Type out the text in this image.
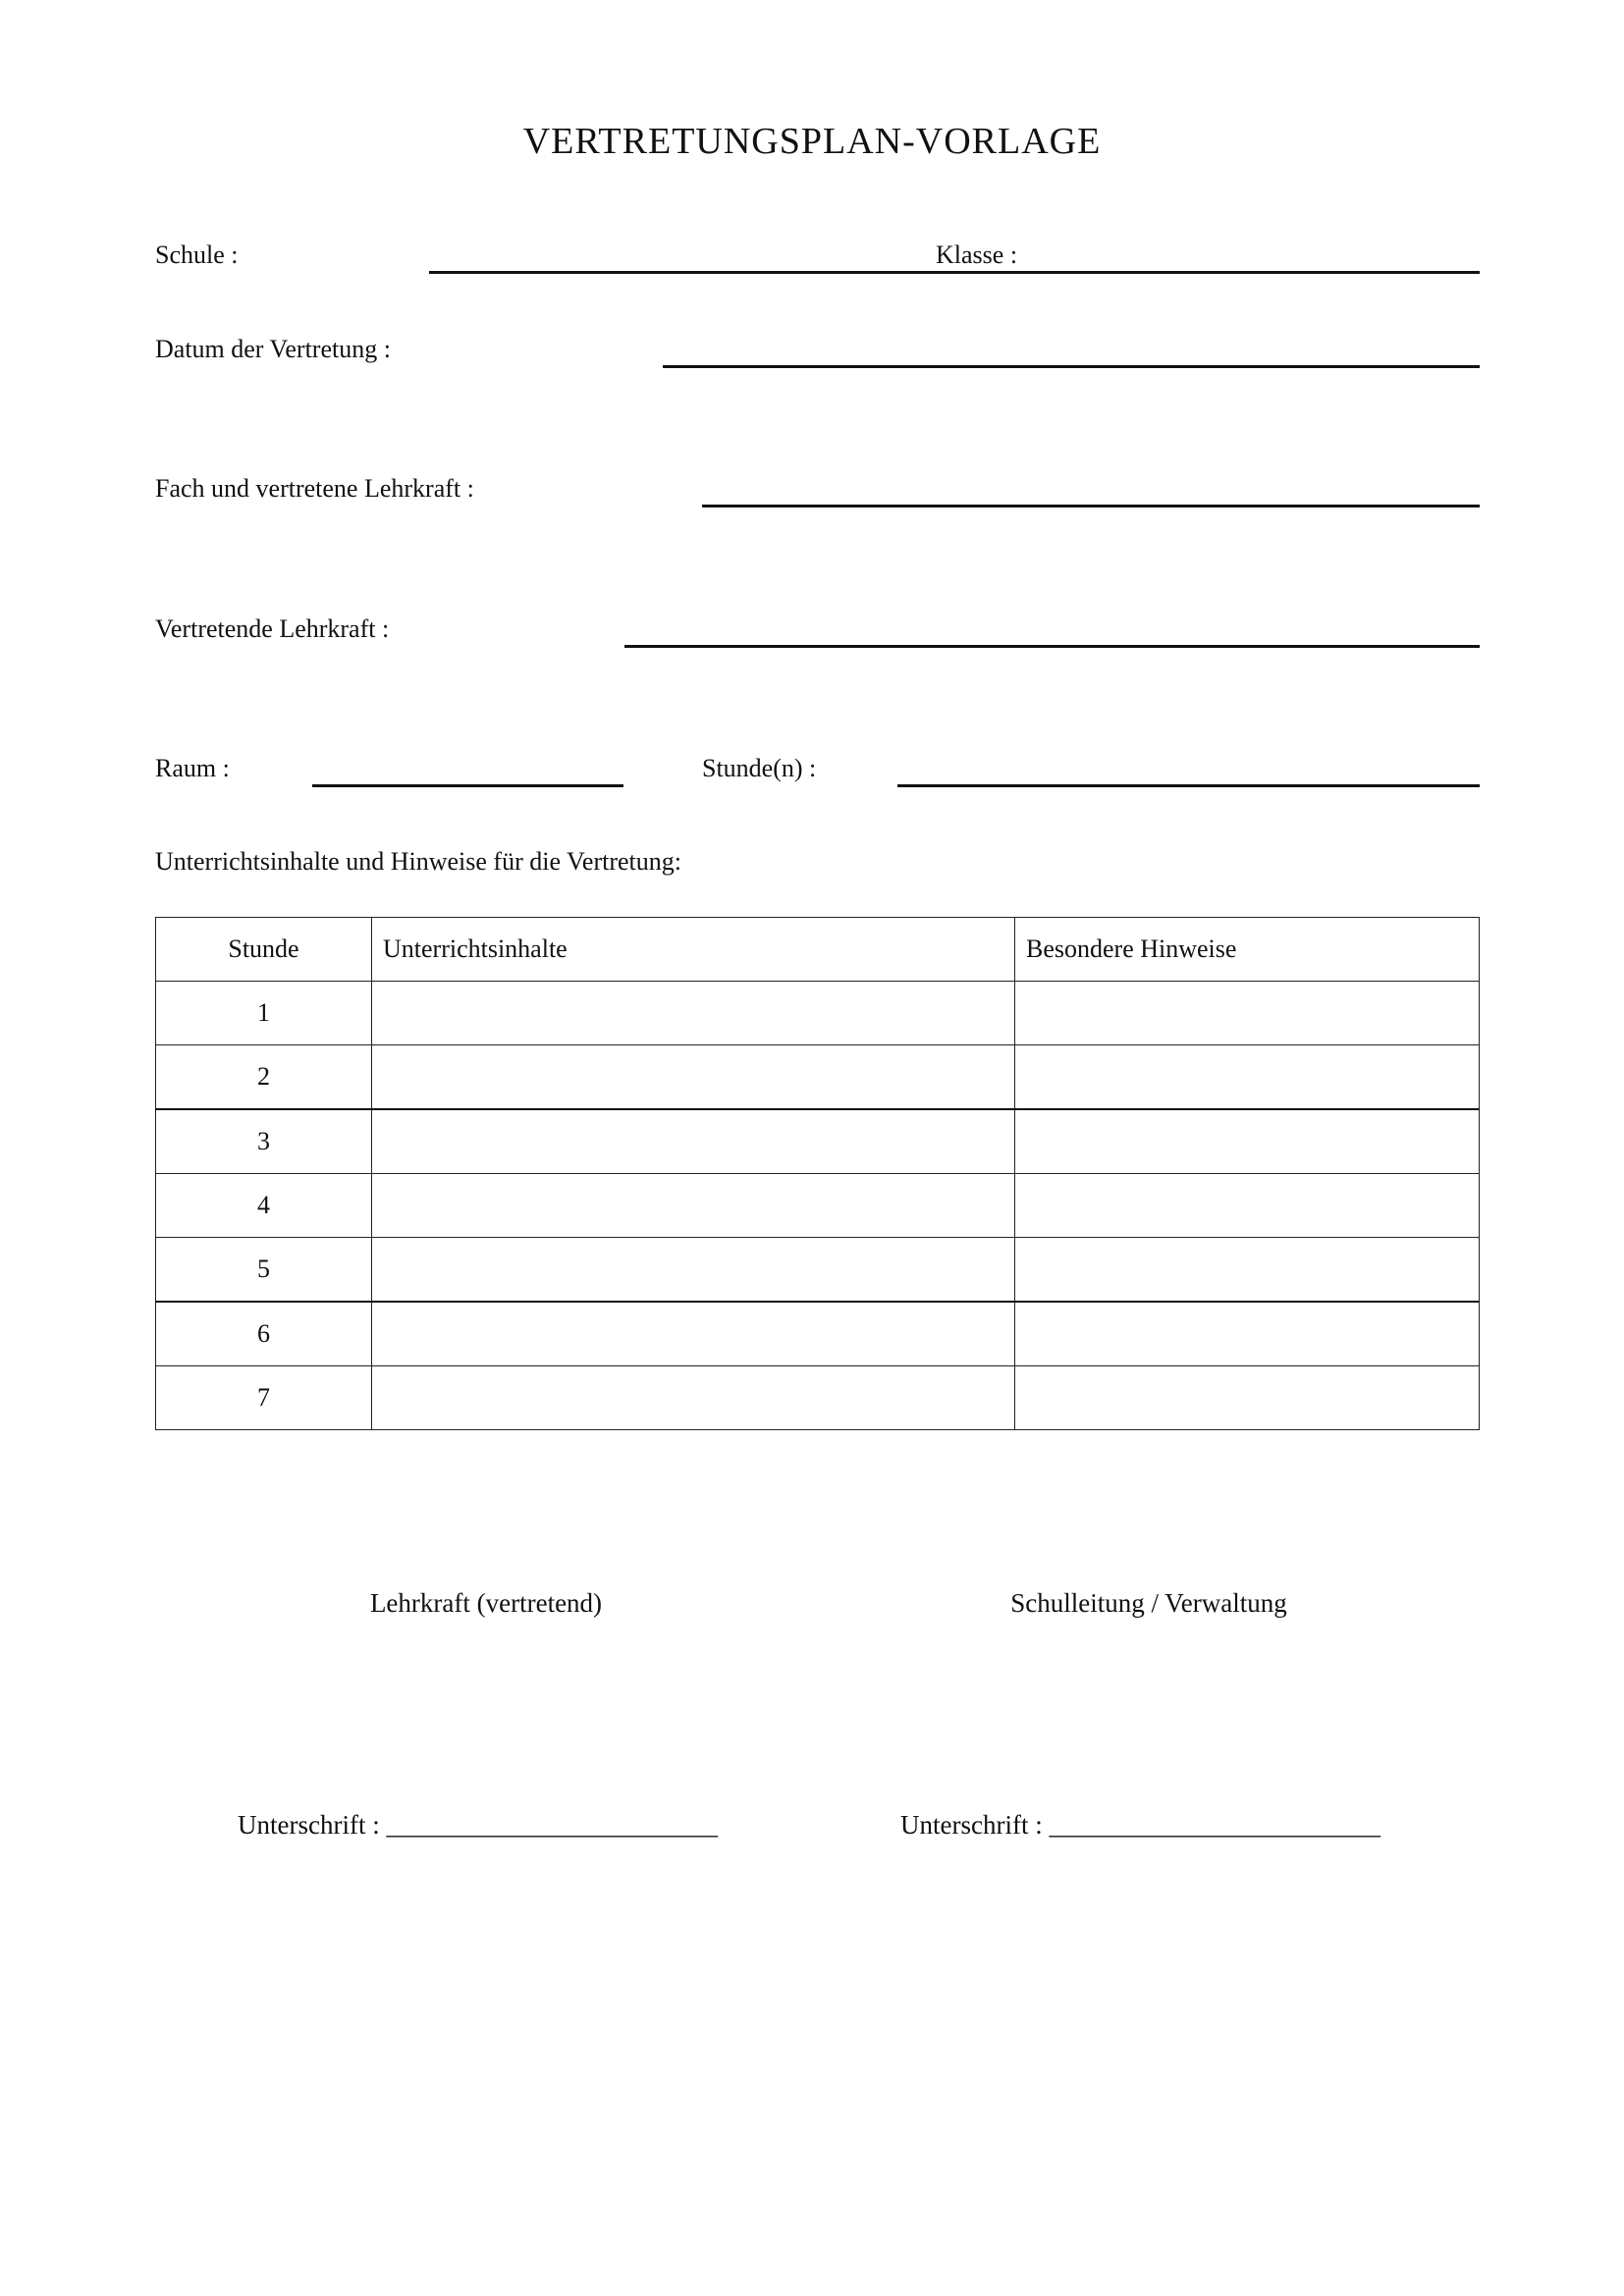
VERTRETUNGSPLAN-VORLAGE
Schule :	Klasse :
Datum der Vertretung :
Fach und vertretene Lehrkraft :
Vertretende Lehrkraft :
Raum :	Stunde(n) :
Unterrichtsinhalte und Hinweise für die Vertretung:
Stunde	Unterrichtsinhalte	Besondere Hinweise
1		
2		
3		
4		
5		
6		
7		
Lehrkraft (vertretend)	Schulleitung / Verwaltung
Unterschrift : _________________________	Unterschrift : _________________________
